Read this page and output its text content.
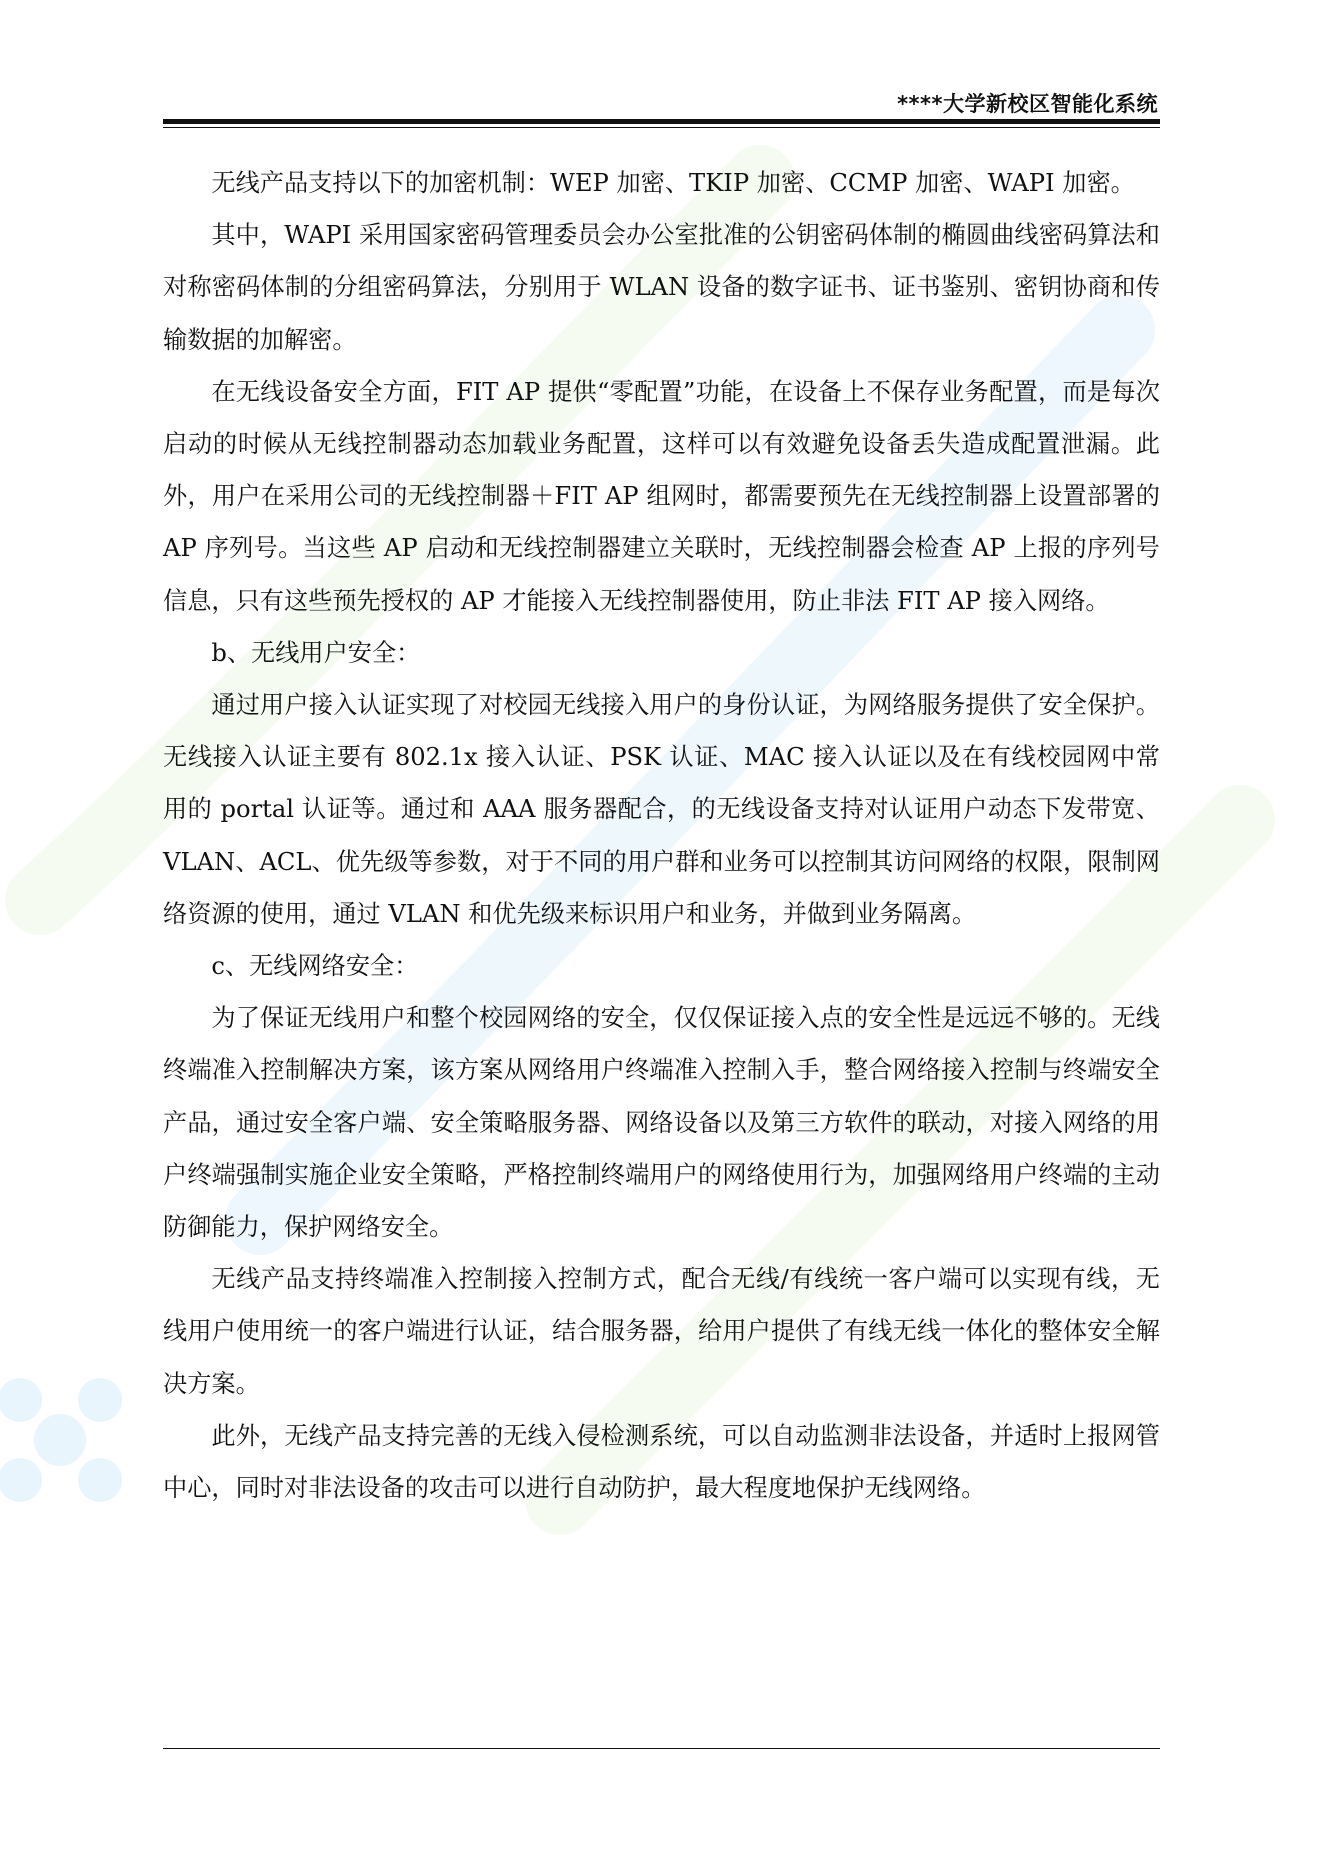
****大学新校区智能化系统

无线产品支持以下的加密机制：WEP 加密、TKIP 加密、CCMP 加密、WAPI 加密。

其中，WAPI 采用国家密码管理委员会办公室批准的公钥密码体制的椭圆曲线密码算法和对称密码体制的分组密码算法，分别用于 WLAN 设备的数字证书、证书鉴别、密钥协商和传输数据的加解密。

在无线设备安全方面，FIT AP 提供“零配置”功能，在设备上不保存业务配置，而是每次启动的时候从无线控制器动态加载业务配置，这样可以有效避免设备丢失造成配置泄漏。此外，用户在采用公司的无线控制器＋FIT AP 组网时，都需要预先在无线控制器上设置部署的 AP 序列号。当这些 AP 启动和无线控制器建立关联时，无线控制器会检查 AP 上报的序列号信息，只有这些预先授权的 AP 才能接入无线控制器使用，防止非法 FIT AP 接入网络。

b、无线用户安全：

通过用户接入认证实现了对校园无线接入用户的身份认证，为网络服务提供了安全保护。无线接入认证主要有 802.1x 接入认证、PSK 认证、MAC 接入认证以及在有线校园网中常用的 portal 认证等。通过和 AAA 服务器配合，的无线设备支持对认证用户动态下发带宽、VLAN、ACL、优先级等参数，对于不同的用户群和业务可以控制其访问网络的权限，限制网络资源的使用，通过 VLAN 和优先级来标识用户和业务，并做到业务隔离。

c、无线网络安全：

为了保证无线用户和整个校园网络的安全，仅仅保证接入点的安全性是远远不够的。无线终端准入控制解决方案，该方案从网络用户终端准入控制入手，整合网络接入控制与终端安全产品，通过安全客户端、安全策略服务器、网络设备以及第三方软件的联动，对接入网络的用户终端强制实施企业安全策略，严格控制终端用户的网络使用行为，加强网络用户终端的主动防御能力，保护网络安全。

无线产品支持终端准入控制接入控制方式，配合无线/有线统一客户端可以实现有线，无线用户使用统一的客户端进行认证，结合服务器，给用户提供了有线无线一体化的整体安全解决方案。

此外，无线产品支持完善的无线入侵检测系统，可以自动监测非法设备，并适时上报网管中心，同时对非法设备的攻击可以进行自动防护，最大程度地保护无线网络。
